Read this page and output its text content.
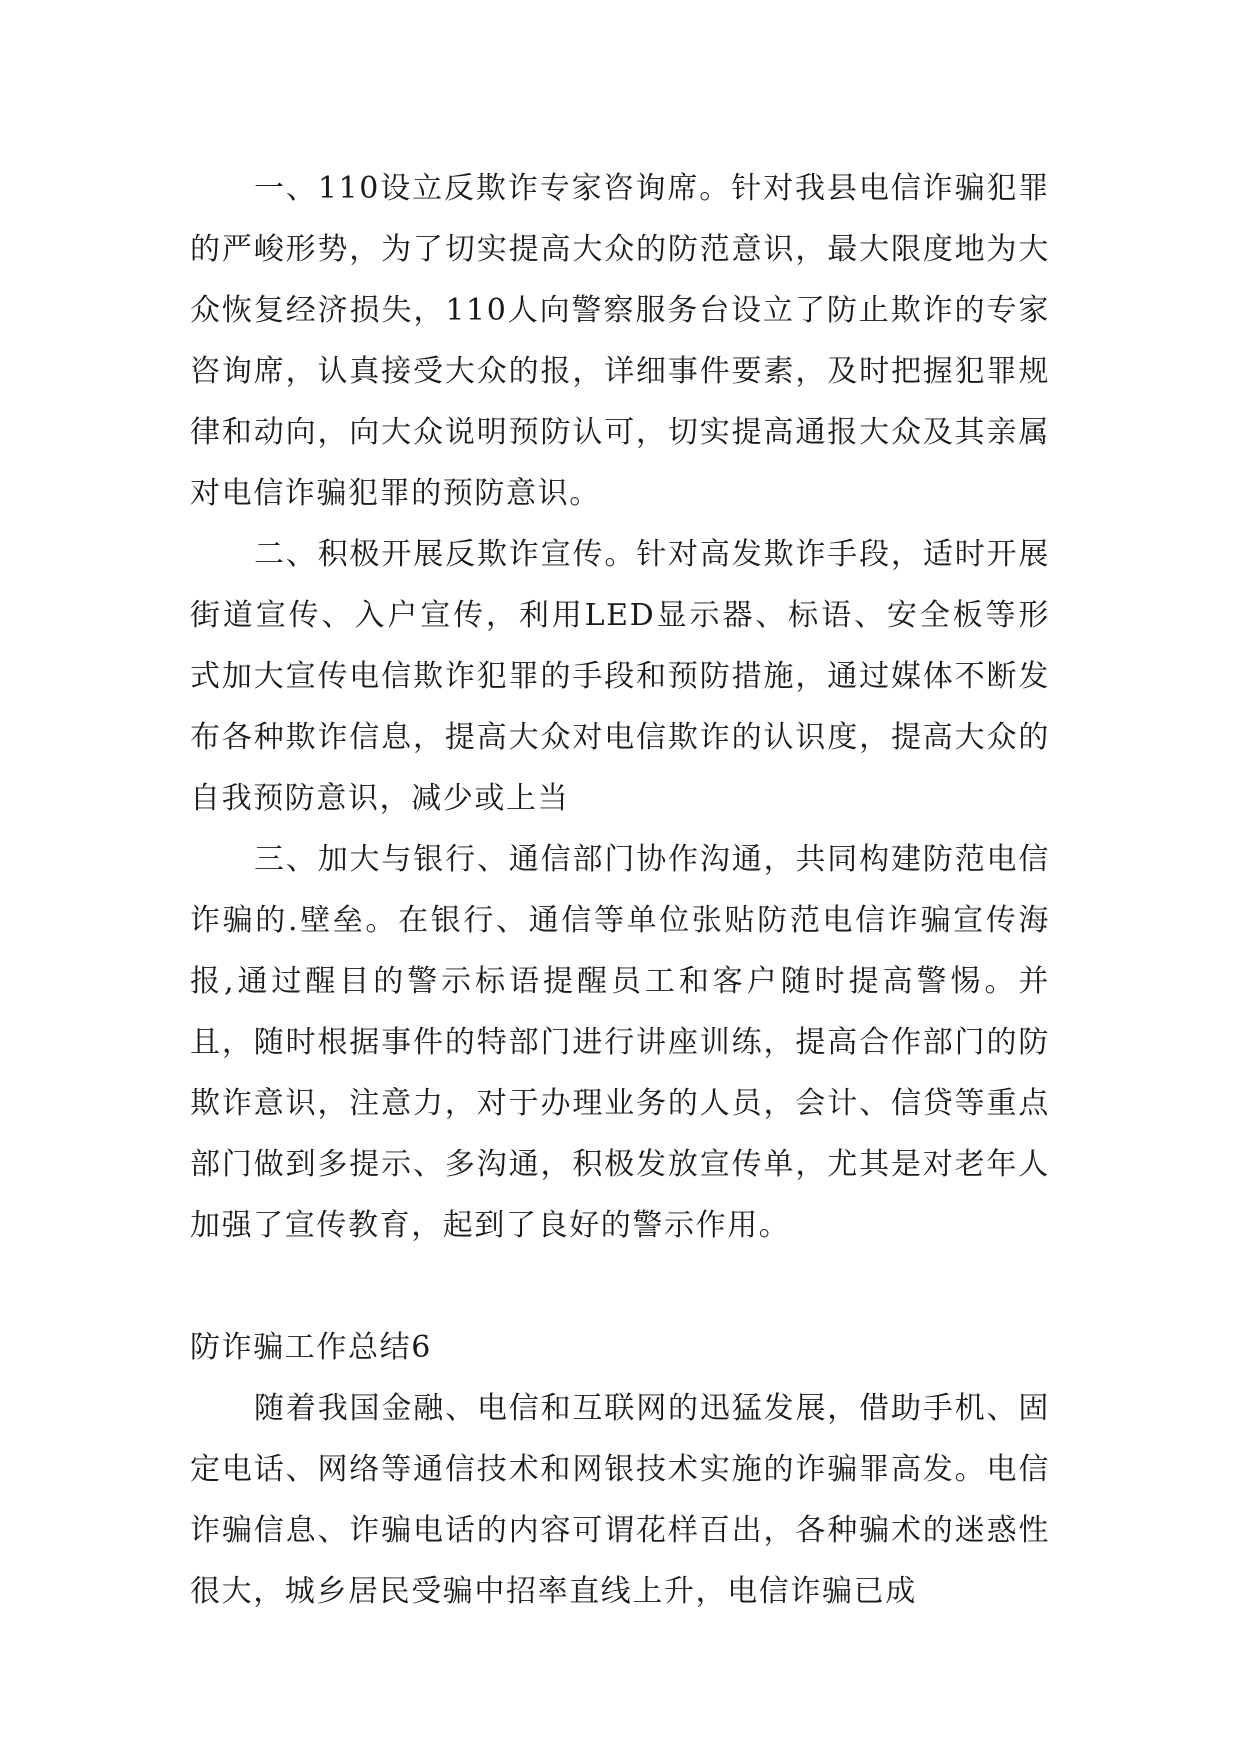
一、110设立反欺诈专家咨询席。针对我县电信诈骗犯罪的严峻形势，为了切实提高大众的防范意识，最大限度地为大众恢复经济损失，110人向警察服务台设立了防止欺诈的专家咨询席，认真接受大众的报，详细事件要素，及时把握犯罪规律和动向，向大众说明预防认可，切实提高通报大众及其亲属对电信诈骗犯罪的预防意识。

二、积极开展反欺诈宣传。针对高发欺诈手段，适时开展街道宣传、入户宣传，利用LED显示器、标语、安全板等形式加大宣传电信欺诈犯罪的手段和预防措施，通过媒体不断发布各种欺诈信息，提高大众对电信欺诈的认识度，提高大众的自我预防意识，减少或上当

三、加大与银行、通信部门协作沟通，共同构建防范电信诈骗的.壁垒。在银行、通信等单位张贴防范电信诈骗宣传海报,通过醒目的警示标语提醒员工和客户随时提高警惕。并且，随时根据事件的特部门进行讲座训练，提高合作部门的防欺诈意识，注意力，对于办理业务的人员，会计、信贷等重点部门做到多提示、多沟通，积极发放宣传单，尤其是对老年人加强了宣传教育，起到了良好的警示作用。

防诈骗工作总结6

随着我国金融、电信和互联网的迅猛发展，借助手机、固定电话、网络等通信技术和网银技术实施的诈骗罪高发。电信诈骗信息、诈骗电话的内容可谓花样百出，各种骗术的迷惑性很大，城乡居民受骗中招率直线上升，电信诈骗已成
